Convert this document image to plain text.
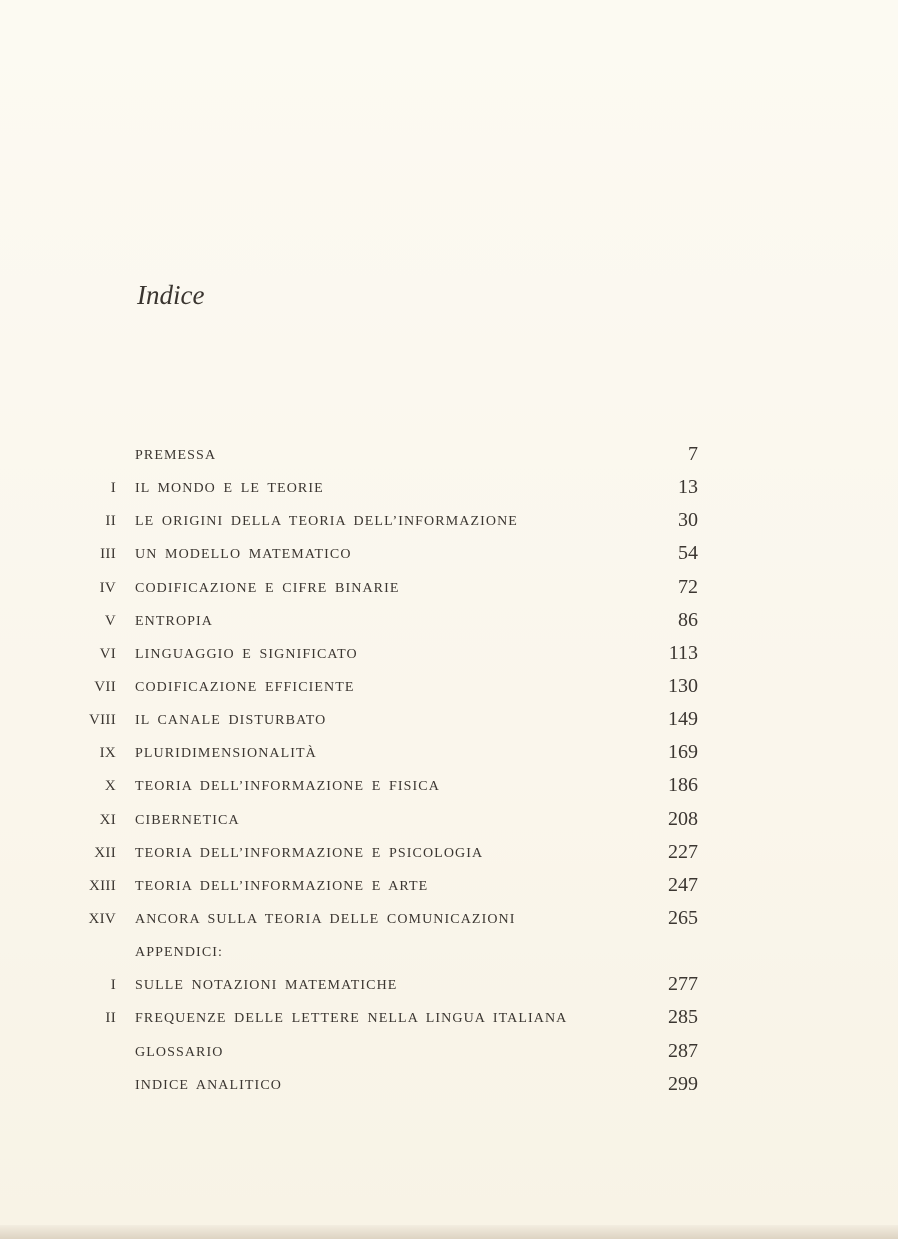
Indice
PREMESSA	7
I IL MONDO E LE TEORIE	13
II LE ORIGINI DELLA TEORIA DELL’INFORMAZIONE	30
III UN MODELLO MATEMATICO	54
IV CODIFICAZIONE E CIFRE BINARIE	72
V ENTROPIA	86
VI LINGUAGGIO E SIGNIFICATO	113
VII CODIFICAZIONE EFFICIENTE	130
VIII IL CANALE DISTURBATO	149
IX PLURIDIMENSIONALITÀ	169
X TEORIA DELL’INFORMAZIONE E FISICA	186
XI CIBERNETICA	208
XII TEORIA DELL’INFORMAZIONE E PSICOLOGIA	227
XIII TEORIA DELL’INFORMAZIONE E ARTE	247
XIV ANCORA SULLA TEORIA DELLE COMUNICAZIONI	265
APPENDICI:
I SULLE NOTAZIONI MATEMATICHE	277
II FREQUENZE DELLE LETTERE NELLA LINGUA ITALIANA	285
GLOSSARIO	287
INDICE ANALITICO	299
